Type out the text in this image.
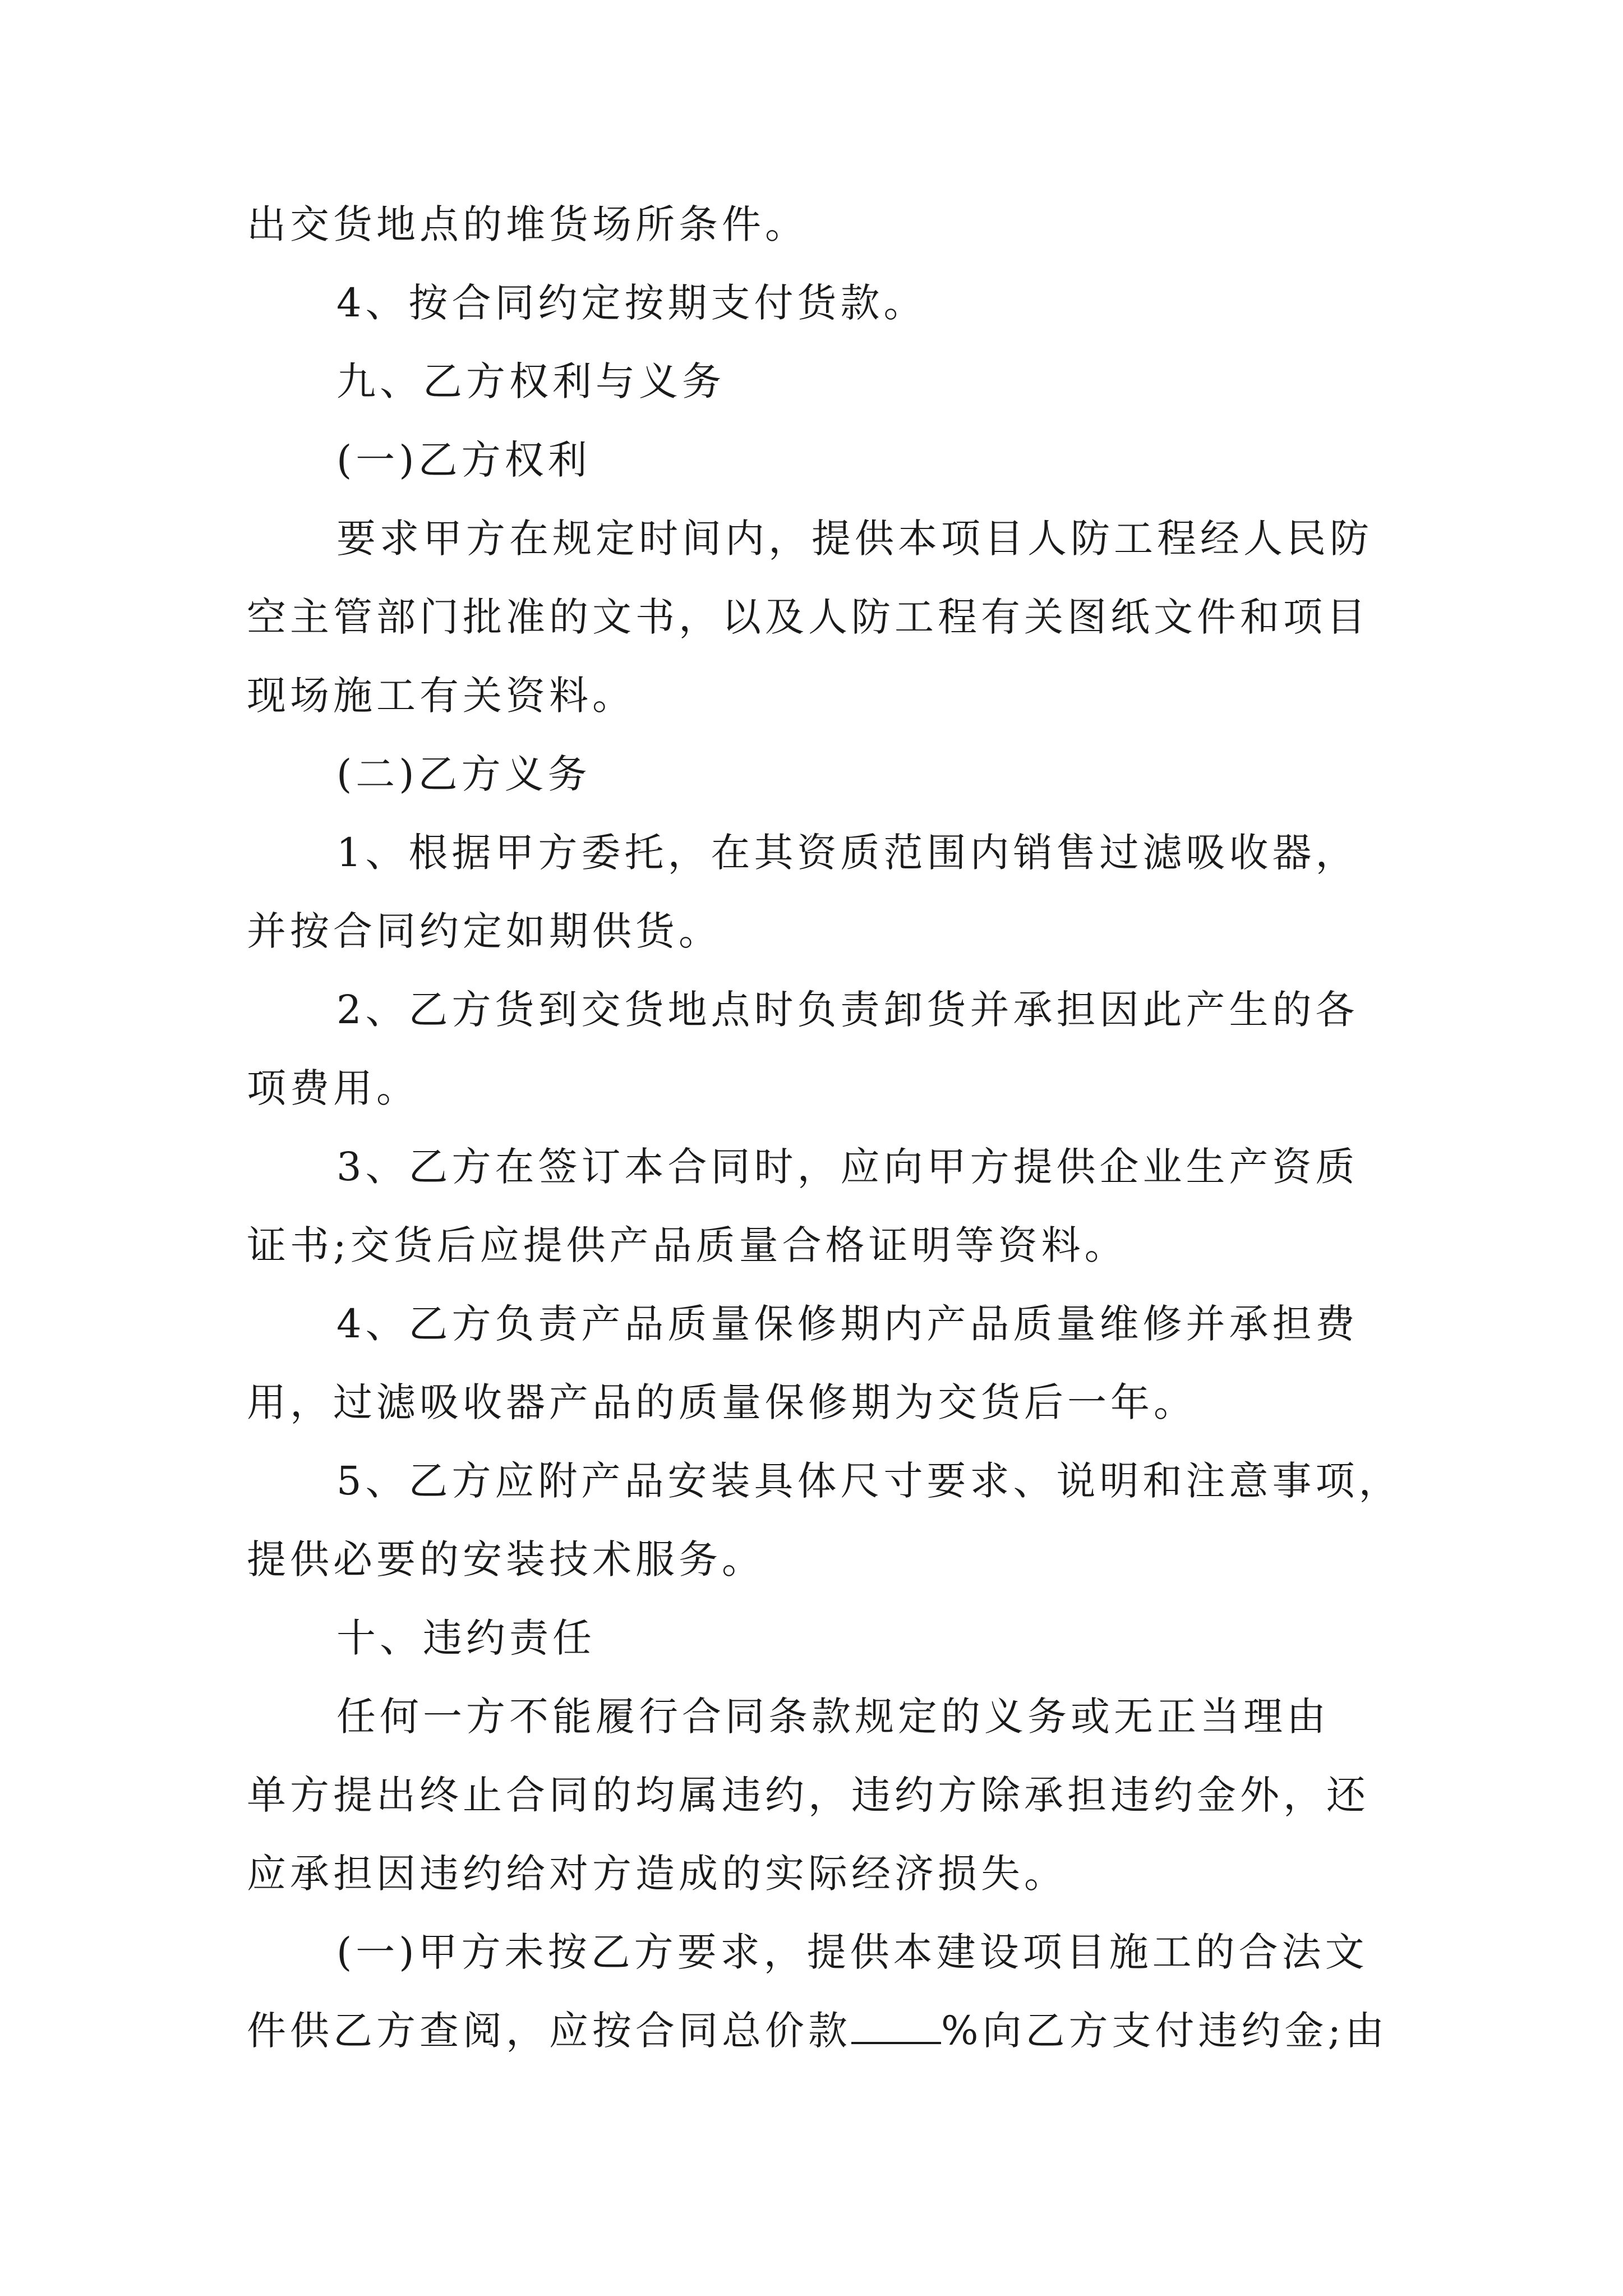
出交货地点的堆货场所条件。
4、按合同约定按期支付货款。
九、乙方权利与义务
(一)乙方权利
要求甲方在规定时间内，提供本项目人防工程经人民防
空主管部门批准的文书，以及人防工程有关图纸文件和项目
现场施工有关资料。
(二)乙方义务
1、根据甲方委托，在其资质范围内销售过滤吸收器，
并按合同约定如期供货。
2、乙方货到交货地点时负责卸货并承担因此产生的各
项费用。
3、乙方在签订本合同时，应向甲方提供企业生产资质
证书;交货后应提供产品质量合格证明等资料。
4、乙方负责产品质量保修期内产品质量维修并承担费
用，过滤吸收器产品的质量保修期为交货后一年。
5、乙方应附产品安装具体尺寸要求、说明和注意事项，
提供必要的安装技术服务。
十、违约责任
任何一方不能履行合同条款规定的义务或无正当理由
单方提出终止合同的均属违约，违约方除承担违约金外，还
应承担因违约给对方造成的实际经济损失。
(一)甲方未按乙方要求，提供本建设项目施工的合法文
件供乙方查阅，应按合同总价款 %向乙方支付违约金;由
